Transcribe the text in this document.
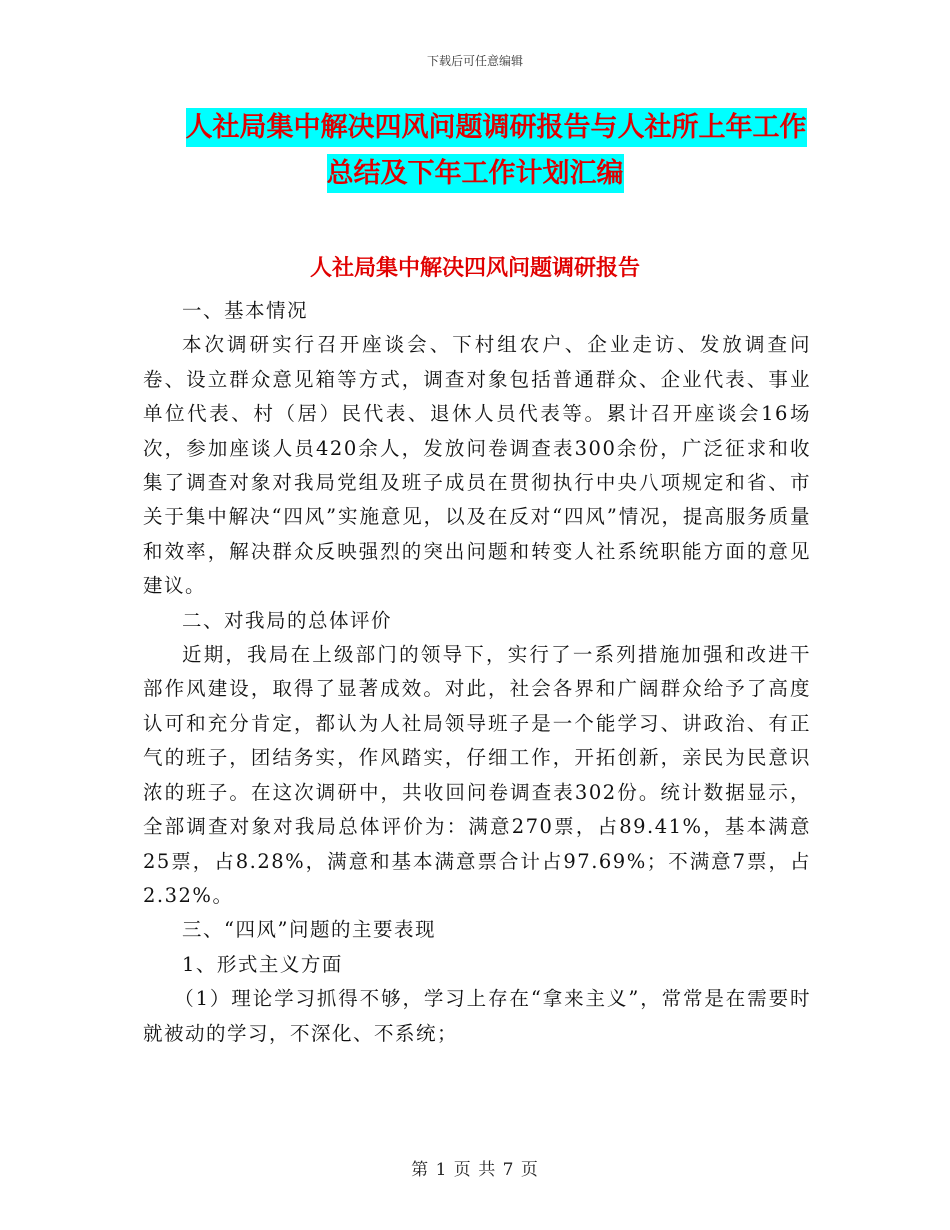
下载后可任意编辑
人社局集中解决四风问题调研报告与人社所上年工作
总结及下年工作计划汇编
人社局集中解决四风问题调研报告

一、基本情况

本次调研实行召开座谈会、下村组农户、企业走访、发放调查问卷、设立群众意见箱等方式，调查对象包括普通群众、企业代表、事业单位代表、村（居）民代表、退休人员代表等。累计召开座谈会16场次，参加座谈人员420余人，发放问卷调查表300余份，广泛征求和收集了调查对象对我局党组及班子成员在贯彻执行中央八项规定和省、市关于集中解决“四风”实施意见，以及在反对“四风”情况，提高服务质量和效率，解决群众反映强烈的突出问题和转变人社系统职能方面的意见建议。

二、对我局的总体评价

近期，我局在上级部门的领导下，实行了一系列措施加强和改进干部作风建设，取得了显著成效。对此，社会各界和广阔群众给予了高度认可和充分肯定，都认为人社局领导班子是一个能学习、讲政治、有正气的班子，团结务实，作风踏实，仔细工作，开拓创新，亲民为民意识浓的班子。在这次调研中，共收回问卷调查表302份。统计数据显示，全部调查对象对我局总体评价为：满意270票，占89.41%，基本满意25票，占8.28%，满意和基本满意票合计占97.69%；不满意7票，占2.32%。

三、“四风”问题的主要表现

1、形式主义方面

（1）理论学习抓得不够，学习上存在“拿来主义”，常常是在需要时就被动的学习，不深化、不系统；

第 1 页 共 7 页
